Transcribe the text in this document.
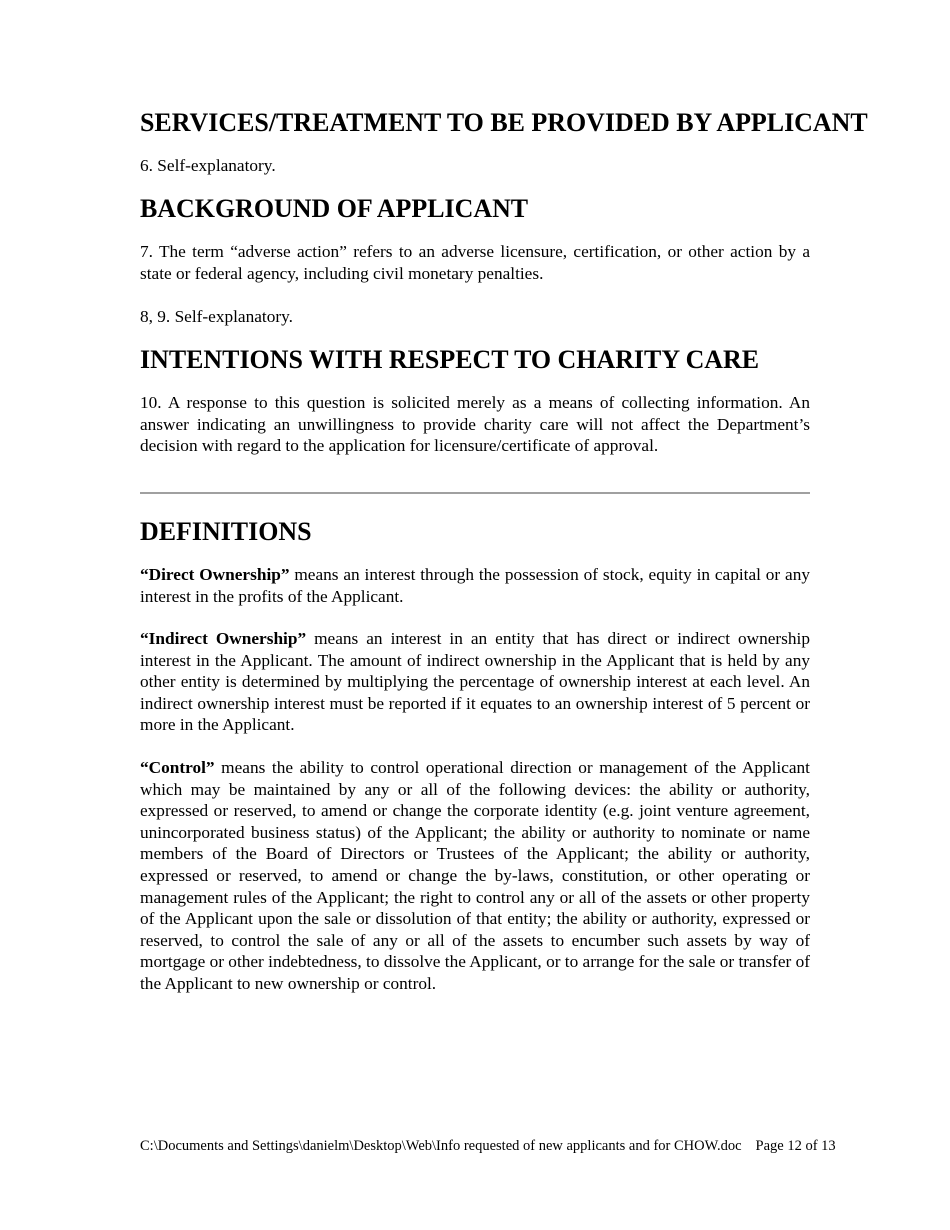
SERVICES/TREATMENT TO BE PROVIDED BY APPLICANT

6. Self-explanatory.

BACKGROUND OF APPLICANT

7. The term “adverse action” refers to an adverse licensure, certification, or other action by a state or federal agency, including civil monetary penalties.

8, 9. Self-explanatory.

INTENTIONS WITH RESPECT TO CHARITY CARE

10. A response to this question is solicited merely as a means of collecting information. An answer indicating an unwillingness to provide charity care will not affect the Department’s decision with regard to the application for licensure/certificate of approval.

DEFINITIONS

“Direct Ownership” means an interest through the possession of stock, equity in capital or any interest in the profits of the Applicant.

“Indirect Ownership” means an interest in an entity that has direct or indirect ownership interest in the Applicant. The amount of indirect ownership in the Applicant that is held by any other entity is determined by multiplying the percentage of ownership interest at each level. An indirect ownership interest must be reported if it equates to an ownership interest of 5 percent or more in the Applicant.

“Control” means the ability to control operational direction or management of the Applicant which may be maintained by any or all of the following devices: the ability or authority, expressed or reserved, to amend or change the corporate identity (e.g. joint venture agreement, unincorporated business status) of the Applicant; the ability or authority to nominate or name members of the Board of Directors or Trustees of the Applicant; the ability or authority, expressed or reserved, to amend or change the by-laws, constitution, or other operating or management rules of the Applicant; the right to control any or all of the assets or other property of the Applicant upon the sale or dissolution of that entity; the ability or authority, expressed or reserved, to control the sale of any or all of the assets to encumber such assets by way of mortgage or other indebtedness, to dissolve the Applicant, or to arrange for the sale or transfer of the Applicant to new ownership or control.

C:\Documents and Settings\danielm\Desktop\Web\Info requested of new applicants and for CHOW.doc Page 12 of 13
